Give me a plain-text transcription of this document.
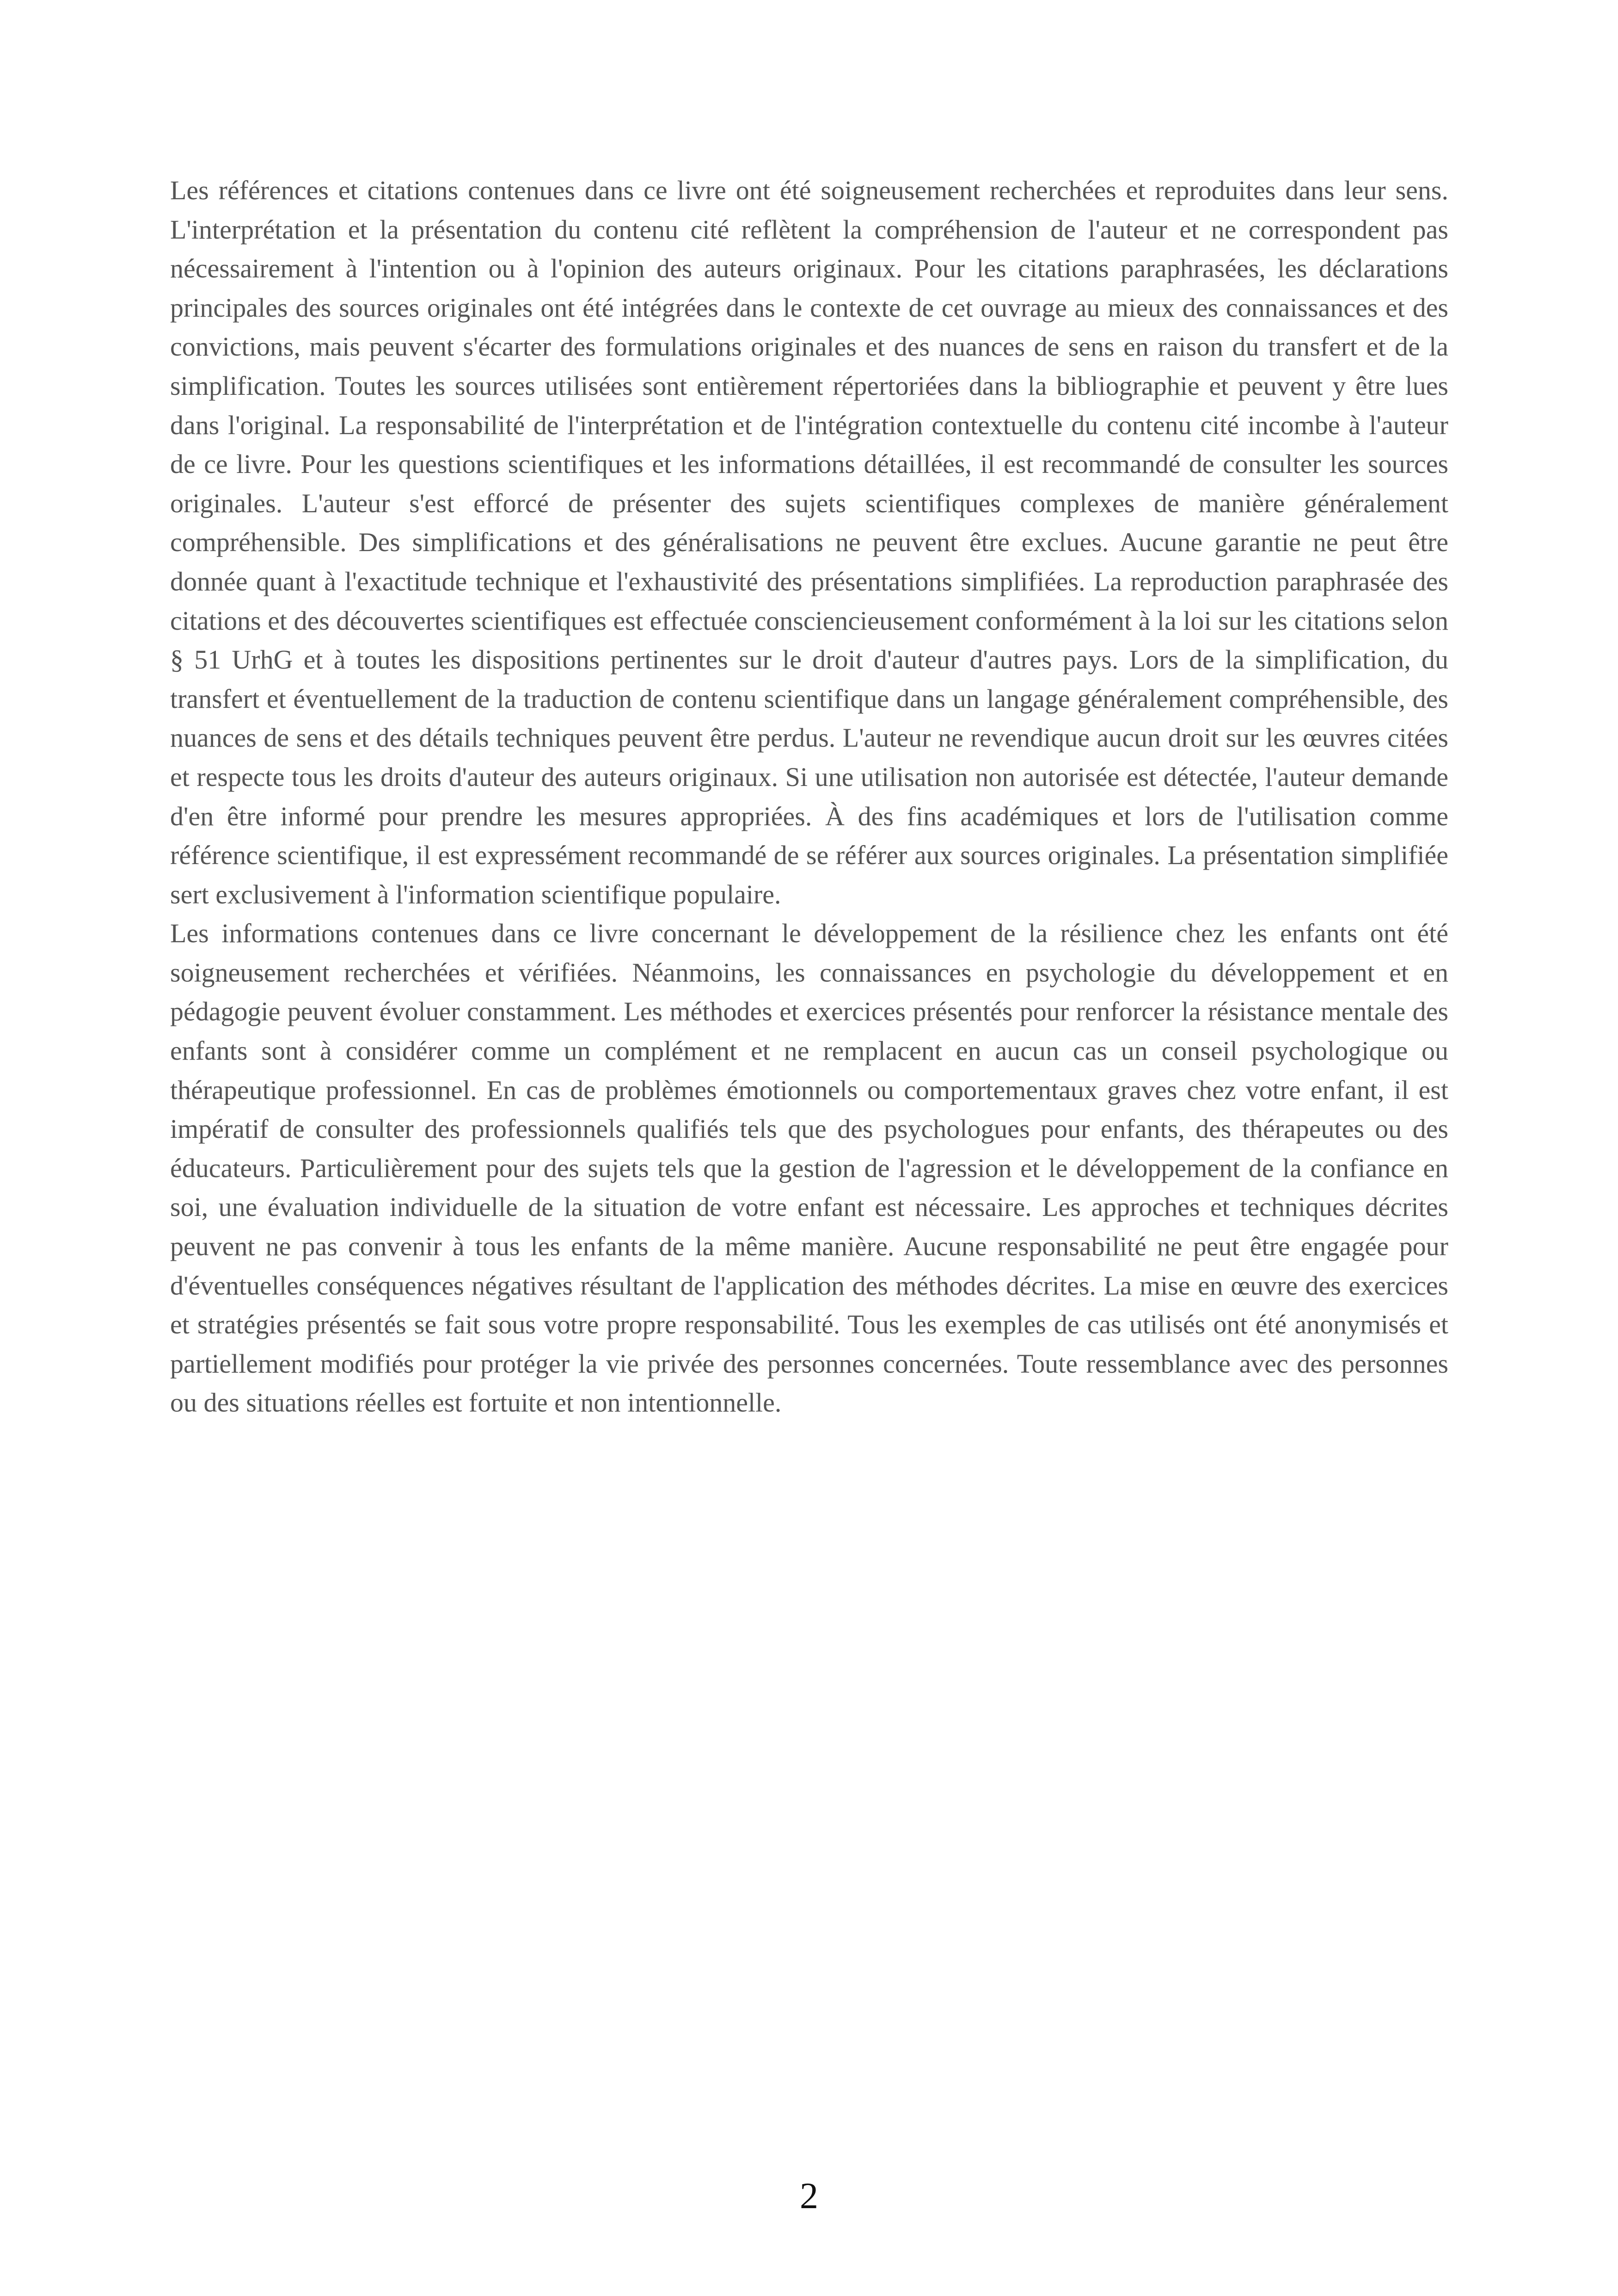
Les références et citations contenues dans ce livre ont été soigneusement recherchées et reproduites dans leur sens. L'interprétation et la présentation du contenu cité reflètent la compréhension de l'auteur et ne correspondent pas nécessairement à l'intention ou à l'opinion des auteurs originaux. Pour les citations paraphrasées, les déclarations principales des sources originales ont été intégrées dans le contexte de cet ouvrage au mieux des connaissances et des convictions, mais peuvent s'écarter des formulations originales et des nuances de sens en raison du transfert et de la simplification. Toutes les sources utilisées sont entièrement répertoriées dans la bibliographie et peuvent y être lues dans l'original. La responsabilité de l'interprétation et de l'intégration contextuelle du contenu cité incombe à l'auteur de ce livre. Pour les questions scientifiques et les informations détaillées, il est recommandé de consulter les sources originales. L'auteur s'est efforcé de présenter des sujets scientifiques complexes de manière généralement compréhensible. Des simplifications et des généralisations ne peuvent être exclues. Aucune garantie ne peut être donnée quant à l'exactitude technique et l'exhaustivité des présentations simplifiées. La reproduction paraphrasée des citations et des découvertes scientifiques est effectuée consciencieusement conformément à la loi sur les citations selon § 51 UrhG et à toutes les dispositions pertinentes sur le droit d'auteur d'autres pays. Lors de la simplification, du transfert et éventuellement de la traduction de contenu scientifique dans un langage généralement compréhensible, des nuances de sens et des détails techniques peuvent être perdus. L'auteur ne revendique aucun droit sur les œuvres citées et respecte tous les droits d'auteur des auteurs originaux. Si une utilisation non autorisée est détectée, l'auteur demande d'en être informé pour prendre les mesures appropriées. À des fins académiques et lors de l'utilisation comme référence scientifique, il est expressément recommandé de se référer aux sources originales. La présentation simplifiée sert exclusivement à l'information scientifique populaire.

Les informations contenues dans ce livre concernant le développement de la résilience chez les enfants ont été soigneusement recherchées et vérifiées. Néanmoins, les connaissances en psychologie du développement et en pédagogie peuvent évoluer constamment. Les méthodes et exercices présentés pour renforcer la résistance mentale des enfants sont à considérer comme un complément et ne remplacent en aucun cas un conseil psychologique ou thérapeutique professionnel. En cas de problèmes émotionnels ou comportementaux graves chez votre enfant, il est impératif de consulter des professionnels qualifiés tels que des psychologues pour enfants, des thérapeutes ou des éducateurs. Particulièrement pour des sujets tels que la gestion de l'agression et le développement de la confiance en soi, une évaluation individuelle de la situation de votre enfant est nécessaire. Les approches et techniques décrites peuvent ne pas convenir à tous les enfants de la même manière. Aucune responsabilité ne peut être engagée pour d'éventuelles conséquences négatives résultant de l'application des méthodes décrites. La mise en œuvre des exercices et stratégies présentés se fait sous votre propre responsabilité. Tous les exemples de cas utilisés ont été anonymisés et partiellement modifiés pour protéger la vie privée des personnes concernées. Toute ressemblance avec des personnes ou des situations réelles est fortuite et non intentionnelle.

2
